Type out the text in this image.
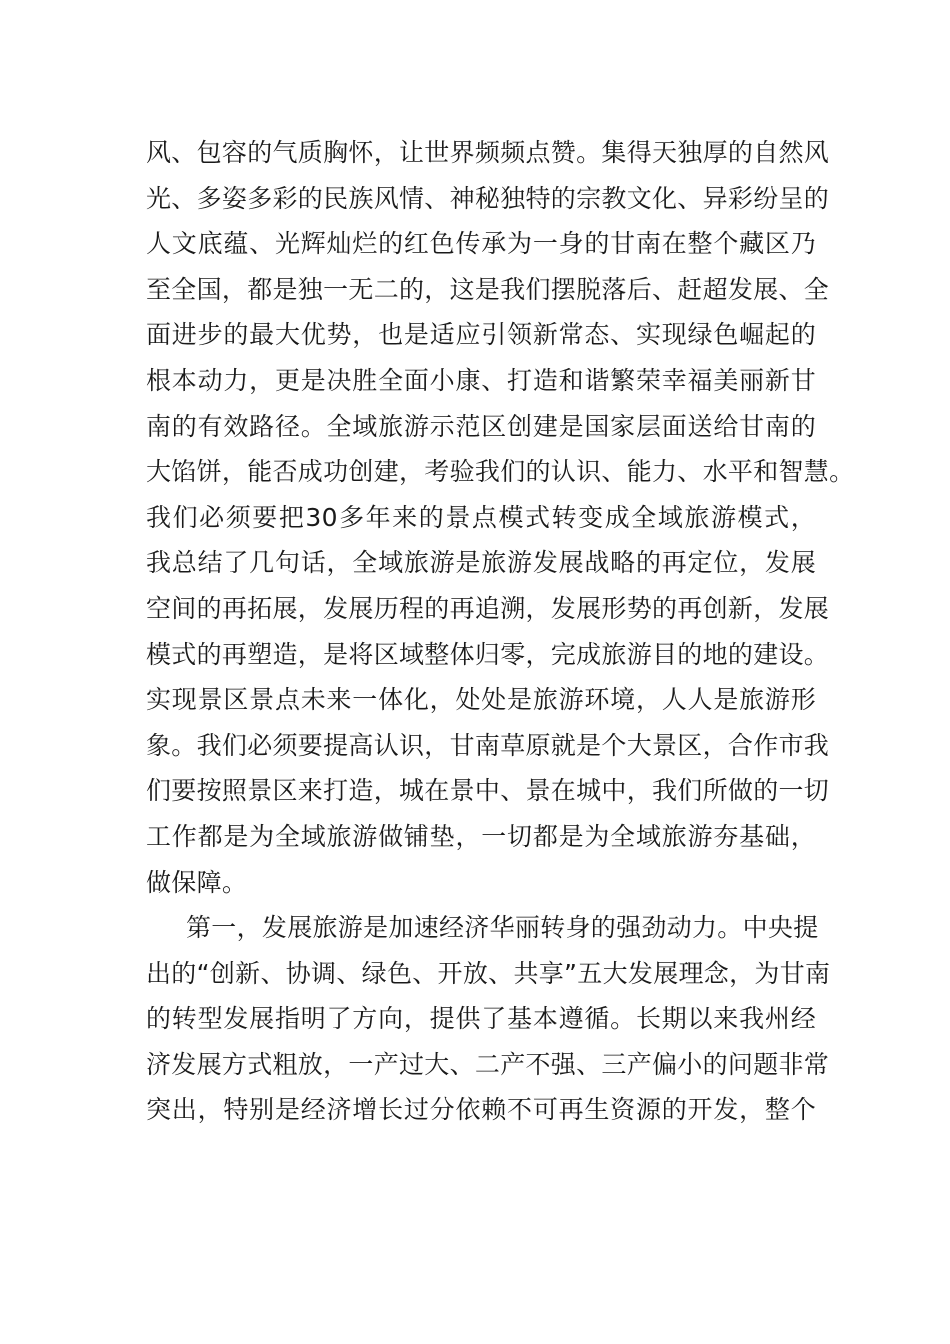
风、包容的气质胸怀，让世界频频点赞。集得天独厚的自然风
光、多姿多彩的民族风情、神秘独特的宗教文化、异彩纷呈的
人文底蕴、光辉灿烂的红色传承为一身的甘南在整个藏区乃
至全国，都是独一无二的，这是我们摆脱落后、赶超发展、全
面进步的最大优势，也是适应引领新常态、实现绿色崛起的
根本动力，更是决胜全面小康、打造和谐繁荣幸福美丽新甘
南的有效路径。全域旅游示范区创建是国家层面送给甘南的
大馅饼，能否成功创建，考验我们的认识、能力、水平和智慧。
我们必须要把30多年来的景点模式转变成全域旅游模式，
我总结了几句话，全域旅游是旅游发展战略的再定位，发展
空间的再拓展，发展历程的再追溯，发展形势的再创新，发展
模式的再塑造，是将区域整体归零，完成旅游目的地的建设。
实现景区景点未来一体化，处处是旅游环境，人人是旅游形
象。我们必须要提高认识，甘南草原就是个大景区，合作市我
们要按照景区来打造，城在景中、景在城中，我们所做的一切
工作都是为全域旅游做铺垫，一切都是为全域旅游夯基础，
做保障。
第一，发展旅游是加速经济华丽转身的强劲动力。中央提
出的“创新、协调、绿色、开放、共享”五大发展理念，为甘南
的转型发展指明了方向，提供了基本遵循。长期以来我州经
济发展方式粗放，一产过大、二产不强、三产偏小的问题非常
突出，特别是经济增长过分依赖不可再生资源的开发，整个
